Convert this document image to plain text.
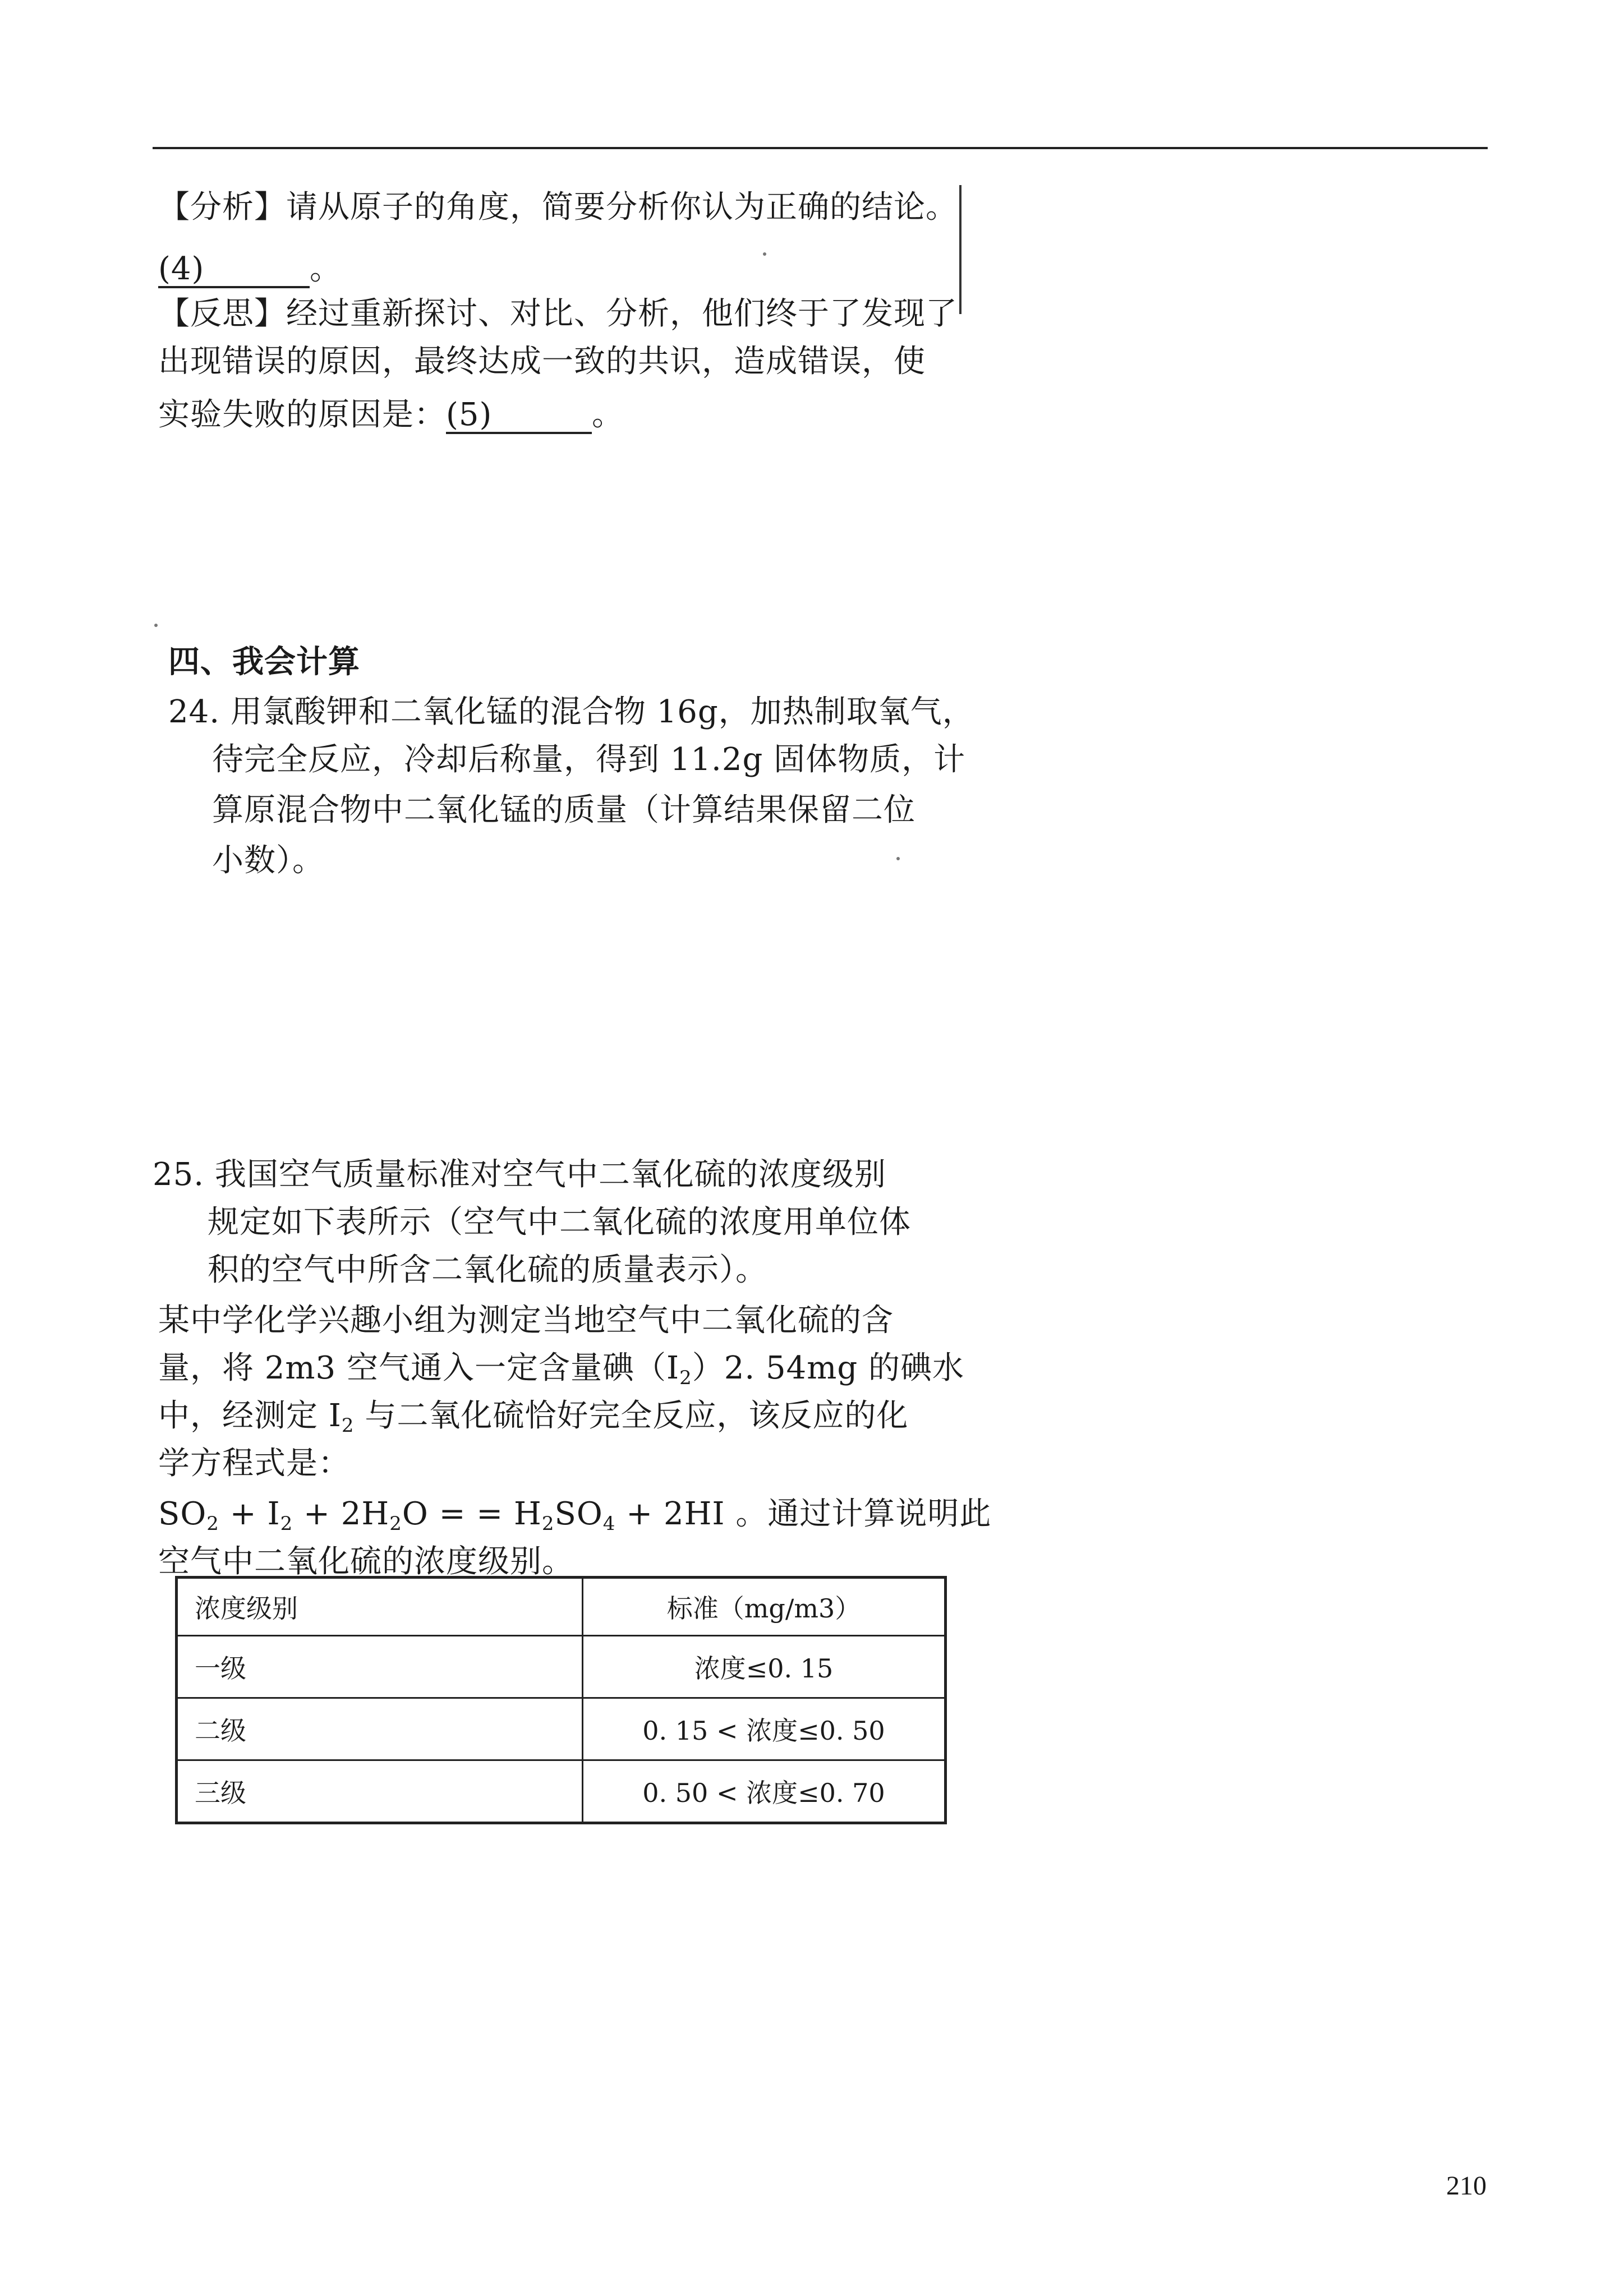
【分析】请从原子的角度，简要分析你认为正确的结论。
(4)	。
【反思】经过重新探讨、对比、分析，他们终于了发现了
出现错误的原因，最终达成一致的共识，造成错误，使
实验失败的原因是：(5)	。
四、我会计算
24. 用氯酸钾和二氧化锰的混合物 16g，加热制取氧气，
待完全反应，冷却后称量，得到 11.2g 固体物质，计
算原混合物中二氧化锰的质量（计算结果保留二位
小数）。
25. 我国空气质量标准对空气中二氧化硫的浓度级别
规定如下表所示（空气中二氧化硫的浓度用单位体
积的空气中所含二氧化硫的质量表示）。
某中学化学兴趣小组为测定当地空气中二氧化硫的含
量，将 2m3 空气通入一定含量碘$(I_2)2$. 54mg 的碘水
中，经测定 $I_2$ 与二氧化硫恰好完全反应，该反应的化
学方程式是：
$SO_2 + I_2 + 2H_2O$ = = $H_2SO_4 + 2HI$ 。通过计算说明此
空气中二氧化硫的浓度级别。
浓度级别	标准（mg/m3）
一级	浓度≤0. 15
二级	0. 15 < 浓度≤0. 50
三级	0. 50 < 浓度≤0. 70
210
